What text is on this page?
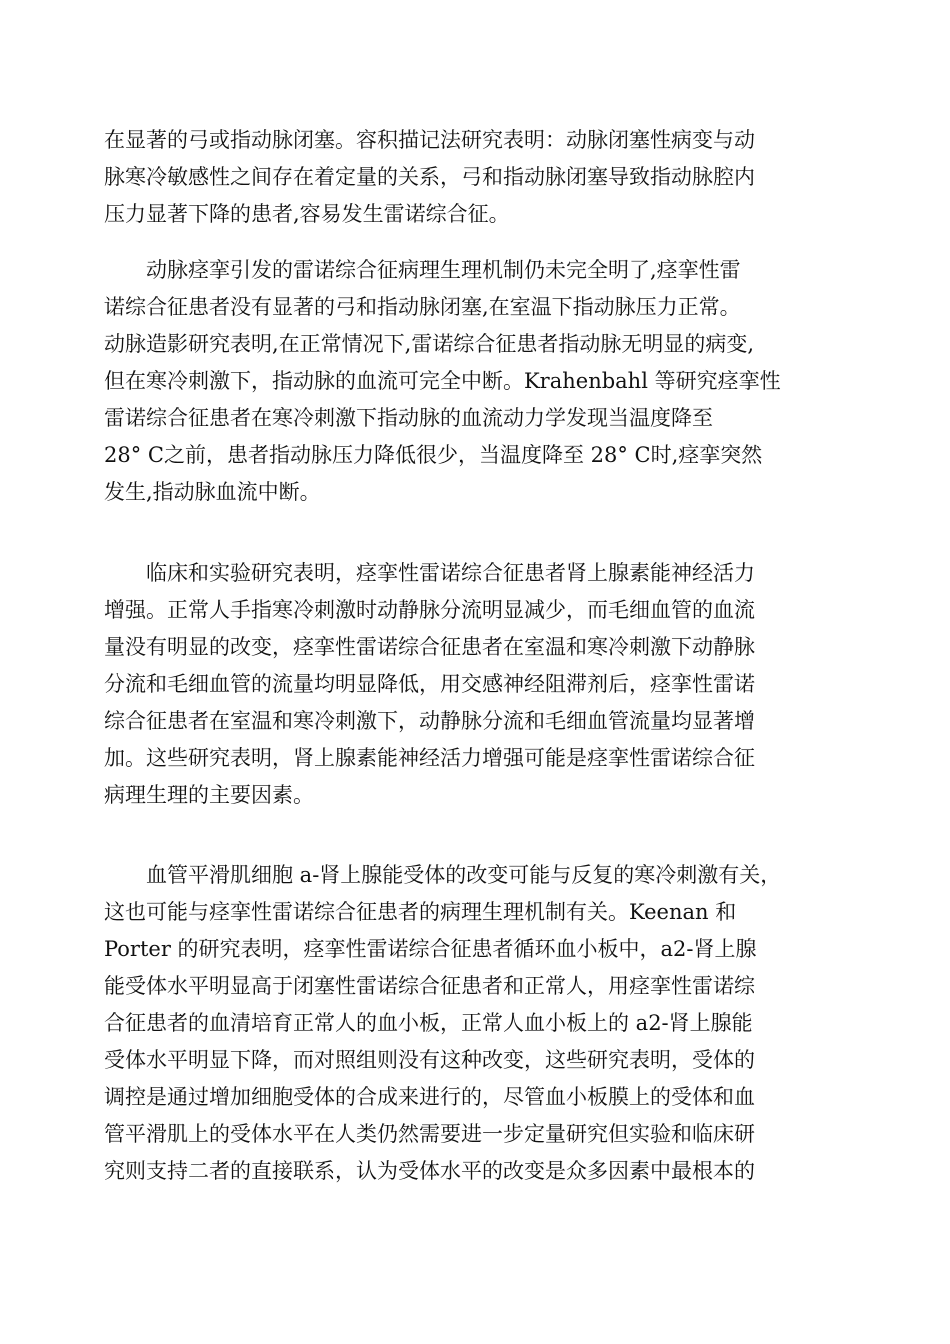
在显著的弓或指动脉闭塞。容积描记法研究表明：动脉闭塞性病变与动
脉寒冷敏感性之间存在着定量的关系，弓和指动脉闭塞导致指动脉腔内
压力显著下降的患者,容易发生雷诺综合征。
动脉痉挛引发的雷诺综合征病理生理机制仍未完全明了,痉挛性雷
诺综合征患者没有显著的弓和指动脉闭塞,在室温下指动脉压力正常。
动脉造影研究表明,在正常情况下,雷诺综合征患者指动脉无明显的病变,
但在寒冷刺激下，指动脉的血流可完全中断。Krahenbahl 等研究痉挛性
雷诺综合征患者在寒冷刺激下指动脉的血流动力学发现当温度降至
28° C之前，患者指动脉压力降低很少，当温度降至 28° C时,痉挛突然
发生,指动脉血流中断。
临床和实验研究表明，痉挛性雷诺综合征患者肾上腺素能神经活力
增强。正常人手指寒冷刺激时动静脉分流明显减少，而毛细血管的血流
量没有明显的改变，痉挛性雷诺综合征患者在室温和寒冷刺激下动静脉
分流和毛细血管的流量均明显降低，用交感神经阻滞剂后，痉挛性雷诺
综合征患者在室温和寒冷刺激下，动静脉分流和毛细血管流量均显著增
加。这些研究表明，肾上腺素能神经活力增强可能是痉挛性雷诺综合征
病理生理的主要因素。
血管平滑肌细胞 a-肾上腺能受体的改变可能与反复的寒冷刺激有关，
这也可能与痉挛性雷诺综合征患者的病理生理机制有关。Keenan 和
Porter 的研究表明，痉挛性雷诺综合征患者循环血小板中，a2-肾上腺
能受体水平明显高于闭塞性雷诺综合征患者和正常人，用痉挛性雷诺综
合征患者的血清培育正常人的血小板，正常人血小板上的 a2-肾上腺能
受体水平明显下降，而对照组则没有这种改变，这些研究表明，受体的
调控是通过增加细胞受体的合成来进行的，尽管血小板膜上的受体和血
管平滑肌上的受体水平在人类仍然需要进一步定量研究但实验和临床研
究则支持二者的直接联系，认为受体水平的改变是众多因素中最根本的
